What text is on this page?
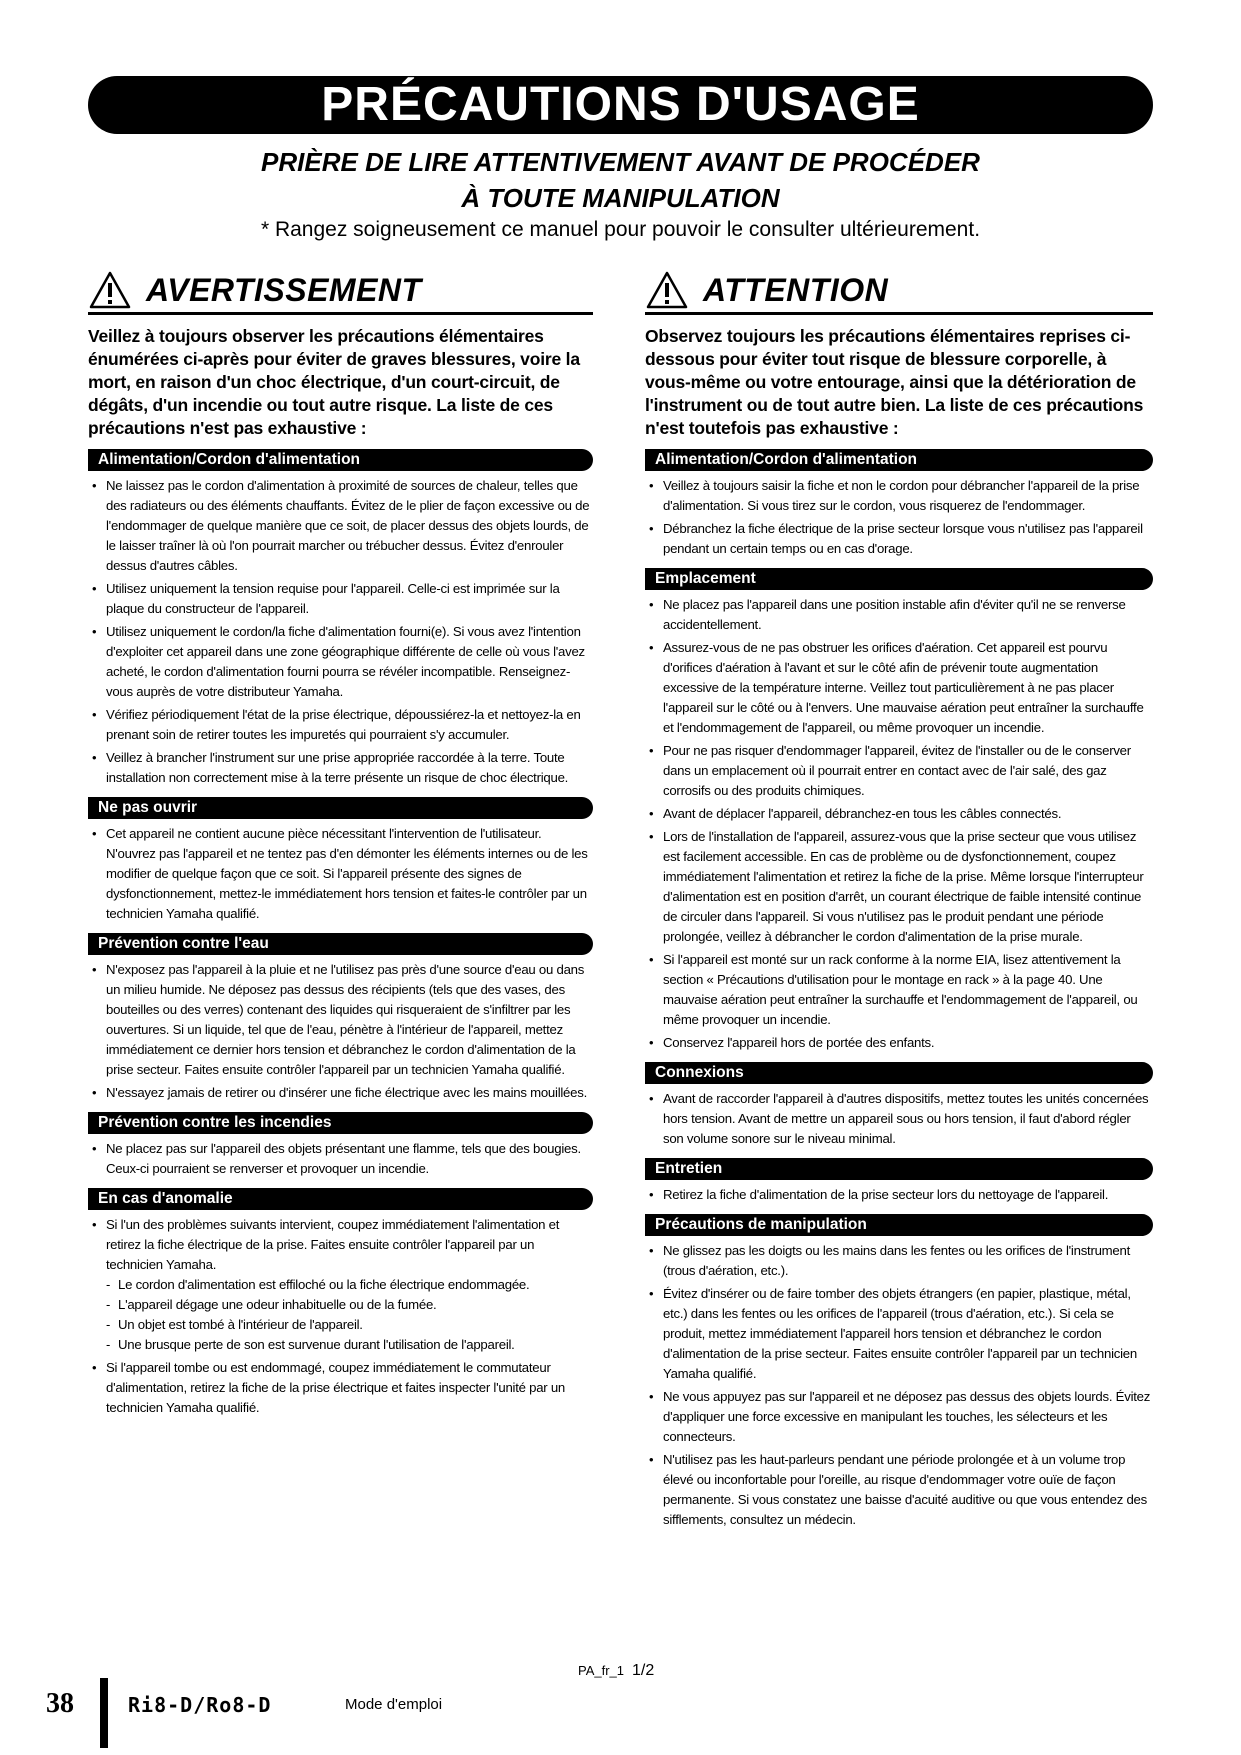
PRÉCAUTIONS D'USAGE
PRIÈRE DE LIRE ATTENTIVEMENT AVANT DE PROCÉDER
À TOUTE MANIPULATION
* Rangez soigneusement ce manuel pour pouvoir le consulter ultérieurement.
AVERTISSEMENT
Veillez à toujours observer les précautions élémentaires énumérées ci-après pour éviter de graves blessures, voire la mort, en raison d'un choc électrique, d'un court-circuit, de dégâts, d'un incendie ou tout autre risque. La liste de ces précautions n'est pas exhaustive :
Alimentation/Cordon d'alimentation
• Ne laissez pas le cordon d'alimentation à proximité de sources de chaleur, telles que des radiateurs ou des éléments chauffants. Évitez de le plier de façon excessive ou de l'endommager de quelque manière que ce soit, de placer dessus des objets lourds, de le laisser traîner là où l'on pourrait marcher ou trébucher dessus. Évitez d'enrouler dessus d'autres câbles.
• Utilisez uniquement la tension requise pour l'appareil. Celle-ci est imprimée sur la plaque du constructeur de l'appareil.
• Utilisez uniquement le cordon/la fiche d'alimentation fourni(e). Si vous avez l'intention d'exploiter cet appareil dans une zone géographique différente de celle où vous l'avez acheté, le cordon d'alimentation fourni pourra se révéler incompatible. Renseignez-vous auprès de votre distributeur Yamaha.
• Vérifiez périodiquement l'état de la prise électrique, dépoussiérez-la et nettoyez-la en prenant soin de retirer toutes les impuretés qui pourraient s'y accumuler.
• Veillez à brancher l'instrument sur une prise appropriée raccordée à la terre. Toute installation non correctement mise à la terre présente un risque de choc électrique.
Ne pas ouvrir
• Cet appareil ne contient aucune pièce nécessitant l'intervention de l'utilisateur. N'ouvrez pas l'appareil et ne tentez pas d'en démonter les éléments internes ou de les modifier de quelque façon que ce soit. Si l'appareil présente des signes de dysfonctionnement, mettez-le immédiatement hors tension et faites-le contrôler par un technicien Yamaha qualifié.
Prévention contre l'eau
• N'exposez pas l'appareil à la pluie et ne l'utilisez pas près d'une source d'eau ou dans un milieu humide. Ne déposez pas dessus des récipients (tels que des vases, des bouteilles ou des verres) contenant des liquides qui risqueraient de s'infiltrer par les ouvertures. Si un liquide, tel que de l'eau, pénètre à l'intérieur de l'appareil, mettez immédiatement ce dernier hors tension et débranchez le cordon d'alimentation de la prise secteur. Faites ensuite contrôler l'appareil par un technicien Yamaha qualifié.
• N'essayez jamais de retirer ou d'insérer une fiche électrique avec les mains mouillées.
Prévention contre les incendies
• Ne placez pas sur l'appareil des objets présentant une flamme, tels que des bougies. Ceux-ci pourraient se renverser et provoquer un incendie.
En cas d'anomalie
• Si l'un des problèmes suivants intervient, coupez immédiatement l'alimentation et retirez la fiche électrique de la prise. Faites ensuite contrôler l'appareil par un technicien Yamaha.
- Le cordon d'alimentation est effiloché ou la fiche électrique endommagée.
- L'appareil dégage une odeur inhabituelle ou de la fumée.
- Un objet est tombé à l'intérieur de l'appareil.
- Une brusque perte de son est survenue durant l'utilisation de l'appareil.
• Si l'appareil tombe ou est endommagé, coupez immédiatement le commutateur d'alimentation, retirez la fiche de la prise électrique et faites inspecter l'unité par un technicien Yamaha qualifié.
ATTENTION
Observez toujours les précautions élémentaires reprises ci-dessous pour éviter tout risque de blessure corporelle, à vous-même ou votre entourage, ainsi que la détérioration de l'instrument ou de tout autre bien. La liste de ces précautions n'est toutefois pas exhaustive :
Alimentation/Cordon d'alimentation
• Veillez à toujours saisir la fiche et non le cordon pour débrancher l'appareil de la prise d'alimentation. Si vous tirez sur le cordon, vous risquerez de l'endommager.
• Débranchez la fiche électrique de la prise secteur lorsque vous n'utilisez pas l'appareil pendant un certain temps ou en cas d'orage.
Emplacement
• Ne placez pas l'appareil dans une position instable afin d'éviter qu'il ne se renverse accidentellement.
• Assurez-vous de ne pas obstruer les orifices d'aération. Cet appareil est pourvu d'orifices d'aération à l'avant et sur le côté afin de prévenir toute augmentation excessive de la température interne. Veillez tout particulièrement à ne pas placer l'appareil sur le côté ou à l'envers. Une mauvaise aération peut entraîner la surchauffe et l'endommagement de l'appareil, ou même provoquer un incendie.
• Pour ne pas risquer d'endommager l'appareil, évitez de l'installer ou de le conserver dans un emplacement où il pourrait entrer en contact avec de l'air salé, des gaz corrosifs ou des produits chimiques.
• Avant de déplacer l'appareil, débranchez-en tous les câbles connectés.
• Lors de l'installation de l'appareil, assurez-vous que la prise secteur que vous utilisez est facilement accessible. En cas de problème ou de dysfonctionnement, coupez immédiatement l'alimentation et retirez la fiche de la prise. Même lorsque l'interrupteur d'alimentation est en position d'arrêt, un courant électrique de faible intensité continue de circuler dans l'appareil. Si vous n'utilisez pas le produit pendant une période prolongée, veillez à débrancher le cordon d'alimentation de la prise murale.
• Si l'appareil est monté sur un rack conforme à la norme EIA, lisez attentivement la section « Précautions d'utilisation pour le montage en rack » à la page 40. Une mauvaise aération peut entraîner la surchauffe et l'endommagement de l'appareil, ou même provoquer un incendie.
• Conservez l'appareil hors de portée des enfants.
Connexions
• Avant de raccorder l'appareil à d'autres dispositifs, mettez toutes les unités concernées hors tension. Avant de mettre un appareil sous ou hors tension, il faut d'abord régler son volume sonore sur le niveau minimal.
Entretien
• Retirez la fiche d'alimentation de la prise secteur lors du nettoyage de l'appareil.
Précautions de manipulation
• Ne glissez pas les doigts ou les mains dans les fentes ou les orifices de l'instrument (trous d'aération, etc.).
• Évitez d'insérer ou de faire tomber des objets étrangers (en papier, plastique, métal, etc.) dans les fentes ou les orifices de l'appareil (trous d'aération, etc.). Si cela se produit, mettez immédiatement l'appareil hors tension et débranchez le cordon d'alimentation de la prise secteur. Faites ensuite contrôler l'appareil par un technicien Yamaha qualifié.
• Ne vous appuyez pas sur l'appareil et ne déposez pas dessus des objets lourds. Évitez d'appliquer une force excessive en manipulant les touches, les sélecteurs et les connecteurs.
• N'utilisez pas les haut-parleurs pendant une période prolongée et à un volume trop élevé ou inconfortable pour l'oreille, au risque d'endommager votre ouïe de façon permanente. Si vous constatez une baisse d'acuité auditive ou que vous entendez des sifflements, consultez un médecin.
PA_fr_1 1/2
38	Ri8-D/Ro8-D	Mode d'emploi
